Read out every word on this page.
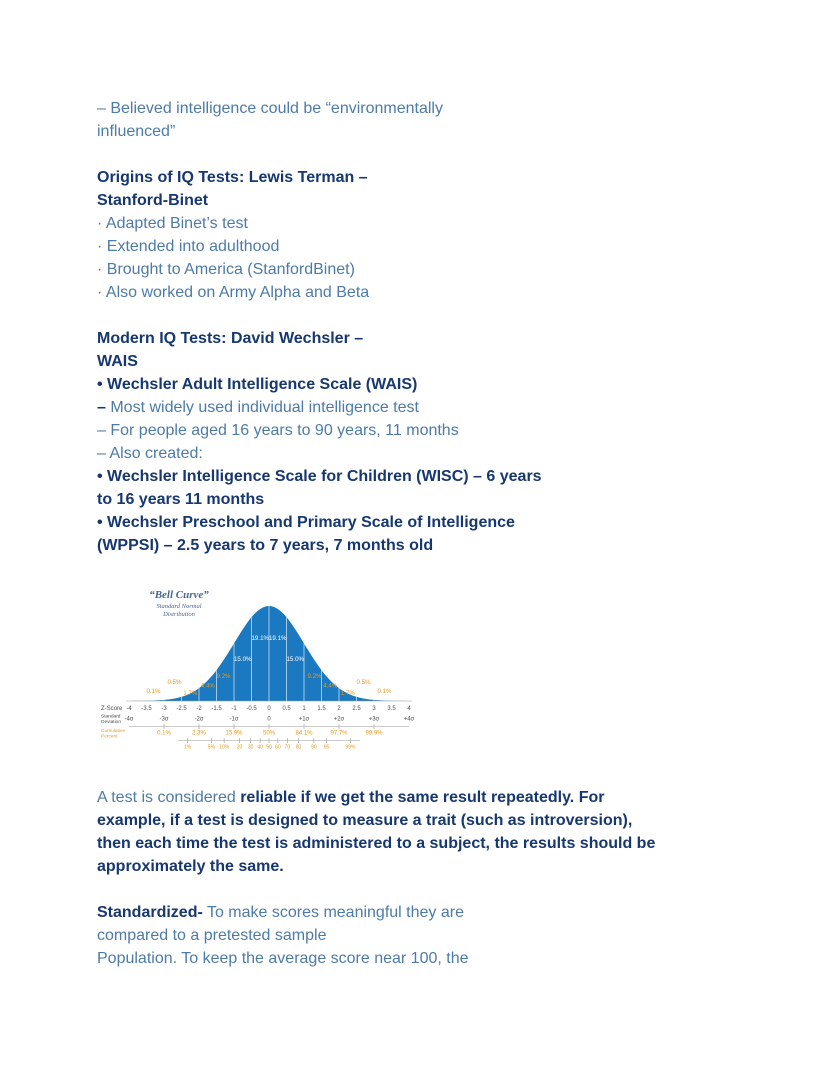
– Believed intelligence could be “environmentally
influenced”

Origins of IQ Tests: Lewis Terman –
Stanford-Binet

· Adapted Binet’s test
· Extended into adulthood
· Brought to America (StanfordBinet)
· Also worked on Army Alpha and Beta

Modern IQ Tests: David Wechsler –
WAIS

• Wechsler Adult Intelligence Scale (WAIS)
– Most widely used individual intelligence test
– For people aged 16 years to 90 years, 11 months
– Also created:
• Wechsler Intelligence Scale for Children (WISC) – 6 years
to 16 years 11 months
• Wechsler Preschool and Primary Scale of Intelligence
(WPPSI) – 2.5 years to 7 years, 7 months old
“Bell Curve”
Standard Normal
Distribution
-4 -3.5 -3 -2.5 -2 -1.5 -1 -0.5 0 0.5 1 1.5 2 2.5 3 3.5 4
-4σ	-3σ	-2σ	-1σ	0	+1σ	+2σ	+3σ	+4σ
0.1%	2.3%	15.9%	50%	84.1%	97.7%	99.9%
1%	5% 10% 20 30 40 50 60 70 80 90 95	99%
0.1%
0.5%
1.7%
4.4%
9.2%
15.0%
19.1% 19.1%
15.0%
9.2%
4.4%
1.7%
0.5%
0.1%
Z-Score
Standard
Deviation
Cumulative
Percent

A test is considered reliable if we get the same result repeatedly. For
example, if a test is designed to measure a trait (such as introversion),
then each time the test is administered to a subject, the results should be
approximately the same.

Standardized- To make scores meaningful they are
compared to a pretested sample
Population. To keep the average score near 100, the
